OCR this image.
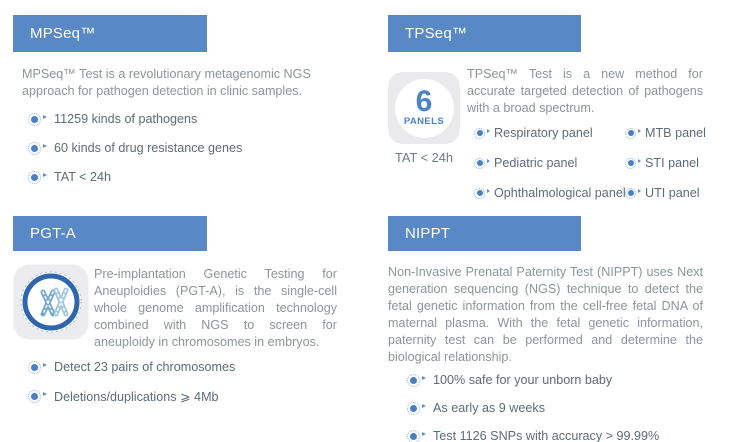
MPSeq™

MPSeq™ Test is a revolutionary metagenomic NGS approach for pathogen detection in clinic samples.

11259 kinds of pathogens
60 kinds of drug resistance genes
TAT < 24h
TPSeq™
6
PANELS
TAT < 24h

TPSeq™ Test is a new method for accurate targeted detection of pathogens with a broad spectrum.

Respiratory panel	MTB panel
Pediatric panel	STI panel
Ophthalmological panel UTI panel
PGT-A

Pre-implantation Genetic Testing for Aneuploidies (PGT-A), is the single-cell whole genome amplification technology combined with NGS to screen for aneuploidy in chromosomes in embryos.

Detect 23 pairs of chromosomes
Deletions/duplications ⩾ 4Mb
NIPPT

Non-Invasive Prenatal Paternity Test (NIPPT) uses Next generation sequencing (NGS) technique to detect the fetal genetic information from the cell-free fetal DNA of maternal plasma. With the fetal genetic information, paternity test can be performed and determine the biological relationship.

100% safe for your unborn baby
As early as 9 weeks
Test 1126 SNPs with accuracy > 99.99%
